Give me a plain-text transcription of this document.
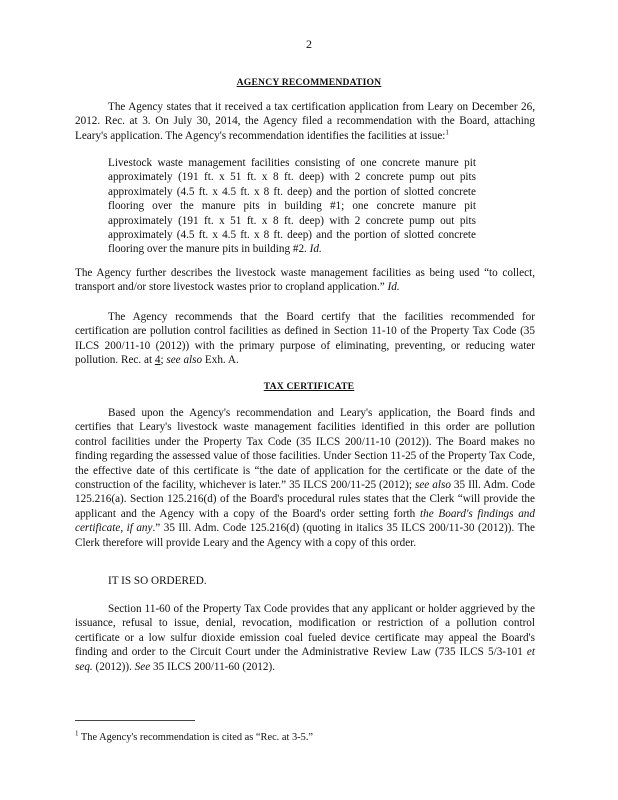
2
AGENCY RECOMMENDATION
The Agency states that it received a tax certification application from Leary on December 26, 2012. Rec. at 3. On July 30, 2014, the Agency filed a recommendation with the Board, attaching Leary's application. The Agency's recommendation identifies the facilities at issue:$^1$
Livestock waste management facilities consisting of one concrete manure pit approximately (191 ft. x 51 ft. x 8 ft. deep) with 2 concrete pump out pits approximately (4.5 ft. x 4.5 ft. x 8 ft. deep) and the portion of slotted concrete flooring over the manure pits in building #1; one concrete manure pit approximately (191 ft. x 51 ft. x 8 ft. deep) with 2 concrete pump out pits approximately (4.5 ft. x 4.5 ft. x 8 ft. deep) and the portion of slotted concrete flooring over the manure pits in building #2. Id.
The Agency further describes the livestock waste management facilities as being used “to collect, transport and/or store livestock wastes prior to cropland application.” Id.
The Agency recommends that the Board certify that the facilities recommended for certification are pollution control facilities as defined in Section 11-10 of the Property Tax Code (35 ILCS 200/11-10 (2012)) with the primary purpose of eliminating, preventing, or reducing water pollution. Rec. at 4; see also Exh. A.
TAX CERTIFICATE
Based upon the Agency's recommendation and Leary's application, the Board finds and certifies that Leary's livestock waste management facilities identified in this order are pollution control facilities under the Property Tax Code (35 ILCS 200/11-10 (2012)). The Board makes no finding regarding the assessed value of those facilities. Under Section 11-25 of the Property Tax Code, the effective date of this certificate is “the date of application for the certificate or the date of the construction of the facility, whichever is later.” 35 ILCS 200/11-25 (2012); see also 35 Ill. Adm. Code 125.216(a). Section 125.216(d) of the Board's procedural rules states that the Clerk “will provide the applicant and the Agency with a copy of the Board's order setting forth the Board's findings and certificate, if any.” 35 Ill. Adm. Code 125.216(d) (quoting in italics 35 ILCS 200/11-30 (2012)). The Clerk therefore will provide Leary and the Agency with a copy of this order.
IT IS SO ORDERED.
Section 11-60 of the Property Tax Code provides that any applicant or holder aggrieved by the issuance, refusal to issue, denial, revocation, modification or restriction of a pollution control certificate or a low sulfur dioxide emission coal fueled device certificate may appeal the Board's finding and order to the Circuit Court under the Administrative Review Law (735 ILCS 5/3-101 et seq. (2012)). See 35 ILCS 200/11-60 (2012).
$^1$ The Agency's recommendation is cited as “Rec. at 3-5.”
